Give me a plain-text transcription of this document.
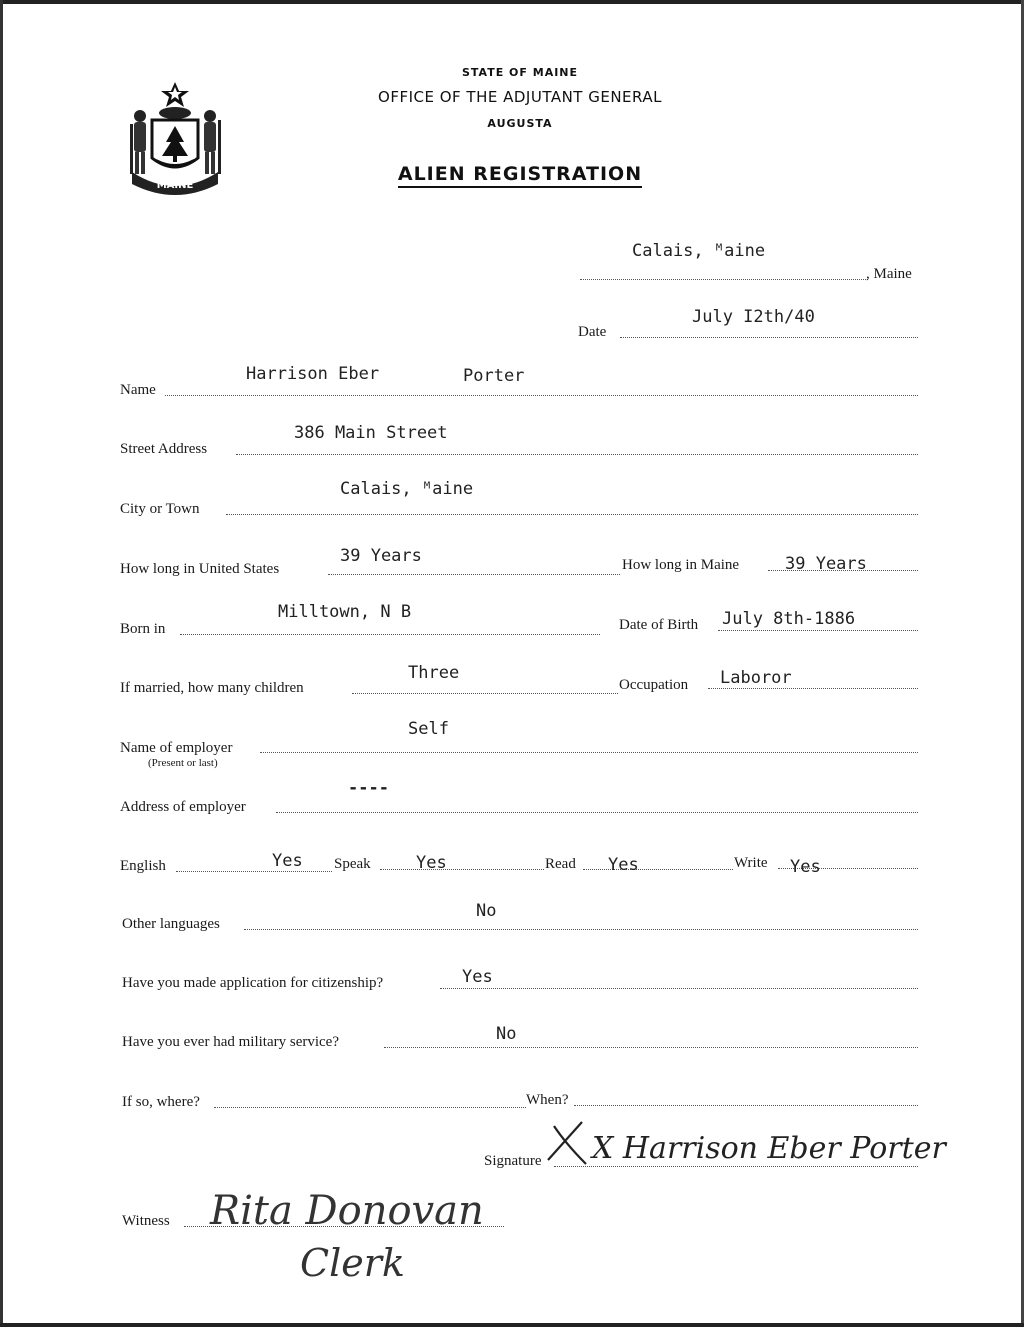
MAINE
STATE OF MAINE
OFFICE OF THE ADJUTANT GENERAL
AUGUSTA
ALIEN REGISTRATION
Calais, ᴹaine
, Maine
Date
July I2th/40
Name
Harrison Eber	Porter
Street Address
386 Main Street
City or Town
Calais, ᴹaine
How long in United States
39 Years	How long in Maine	39 Years
Born in
Milltown, N B
Date of Birth July 8th-1886
If married, how many children
Three
Occupation Laboror
Name of employer
(Present or last)
Self
Address of employer
----
English	Yes Speak	Yes	Read Yes	Write Yes
Other languages
No
Have you made application for citizenship?	Yes
Have you ever had military service?	No
If so, where?	When?
Signature X Harrison Eber Porter
Witness Rita Donovan
Clerk
